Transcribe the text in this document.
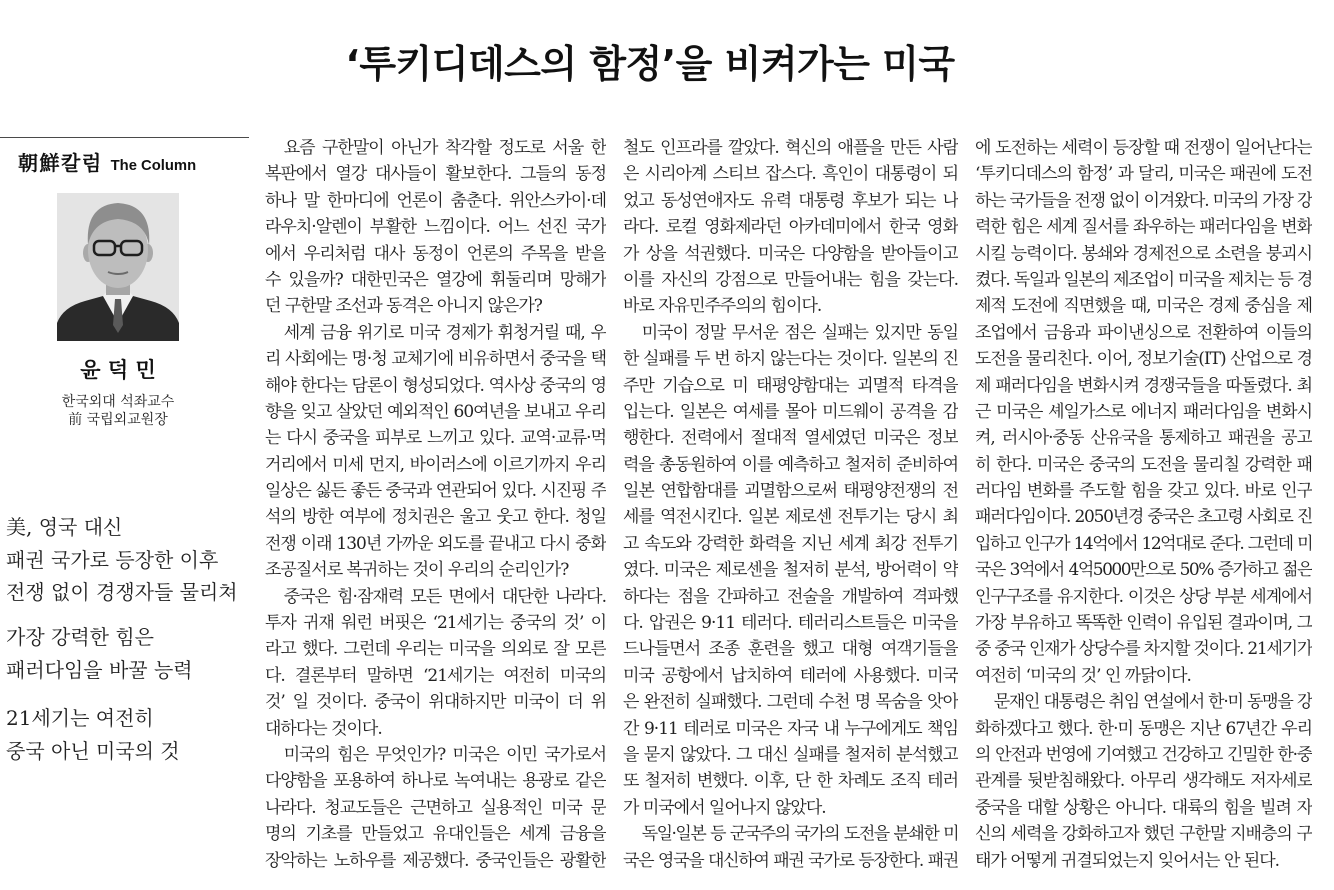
‘투키디데스의 함정’을 비켜가는 미국
朝鮮칼럼 The Column
윤 덕 민
한국외대 석좌교수
前 국립외교원장
美, 영국 대신
패권 국가로 등장한 이후
전쟁 없이 경쟁자들 물리쳐
가장 강력한 힘은
패러다임을 바꿀 능력
21세기는 여전히
중국 아닌 미국의 것
요즘 구한말이 아닌가 착각할 정도로 서울 한
복판에서 열강 대사들이 활보한다. 그들의 동정
하나 말 한마디에 언론이 춤춘다. 위안스카이·데
라우치·알렌이 부활한 느낌이다. 어느 선진 국가
에서 우리처럼 대사 동정이 언론의 주목을 받을
수 있을까? 대한민국은 열강에 휘둘리며 망해가
던 구한말 조선과 동격은 아니지 않은가?
세계 금융 위기로 미국 경제가 휘청거릴 때, 우
리 사회에는 명·청 교체기에 비유하면서 중국을 택
해야 한다는 담론이 형성되었다. 역사상 중국의 영
향을 잊고 살았던 예외적인 60여년을 보내고 우리
는 다시 중국을 피부로 느끼고 있다. 교역·교류·먹
거리에서 미세 먼지, 바이러스에 이르기까지 우리
일상은 싫든 좋든 중국과 연관되어 있다. 시진핑 주
석의 방한 여부에 정치권은 울고 웃고 한다. 청일
전쟁 이래 130년 가까운 외도를 끝내고 다시 중화
조공질서로 복귀하는 것이 우리의 순리인가?
중국은 힘·잠재력 모든 면에서 대단한 나라다.
투자 귀재 워런 버핏은 ‘21세기는 중국의 것’ 이
라고 했다. 그런데 우리는 미국을 의외로 잘 모른
다. 결론부터 말하면 ‘21세기는 여전히 미국의
것’ 일 것이다. 중국이 위대하지만 미국이 더 위
대하다는 것이다.
미국의 힘은 무엇인가? 미국은 이민 국가로서
다양함을 포용하여 하나로 녹여내는 용광로 같은
나라다. 청교도들은 근면하고 실용적인 미국 문
명의 기초를 만들었고 유대인들은 세계 금융을
장악하는 노하우를 제공했다. 중국인들은 광활한
철도 인프라를 깔았다. 혁신의 애플을 만든 사람
은 시리아계 스티브 잡스다. 흑인이 대통령이 되
었고 동성연애자도 유력 대통령 후보가 되는 나
라다. 로컬 영화제라던 아카데미에서 한국 영화
가 상을 석권했다. 미국은 다양함을 받아들이고
이를 자신의 강점으로 만들어내는 힘을 갖는다.
바로 자유민주주의의 힘이다.
미국이 정말 무서운 점은 실패는 있지만 동일
한 실패를 두 번 하지 않는다는 것이다. 일본의 진
주만 기습으로 미 태평양함대는 괴멸적 타격을
입는다. 일본은 여세를 몰아 미드웨이 공격을 감
행한다. 전력에서 절대적 열세였던 미국은 정보
력을 총동원하여 이를 예측하고 철저히 준비하여
일본 연합함대를 괴멸함으로써 태평양전쟁의 전
세를 역전시킨다. 일본 제로센 전투기는 당시 최
고 속도와 강력한 화력을 지닌 세계 최강 전투기
였다. 미국은 제로센을 철저히 분석, 방어력이 약
하다는 점을 간파하고 전술을 개발하여 격파했
다. 압권은 9·11 테러다. 테러리스트들은 미국을
드나들면서 조종 훈련을 했고 대형 여객기들을
미국 공항에서 납치하여 테러에 사용했다. 미국
은 완전히 실패했다. 그런데 수천 명 목숨을 앗아
간 9·11 테러로 미국은 자국 내 누구에게도 책임
을 묻지 않았다. 그 대신 실패를 철저히 분석했고
또 철저히 변했다. 이후, 단 한 차례도 조직 테러
가 미국에서 일어나지 않았다.
독일·일본 등 군국주의 국가의 도전을 분쇄한 미
국은 영국을 대신하여 패권 국가로 등장한다. 패권
에 도전하는 세력이 등장할 때 전쟁이 일어난다는
‘투키디데스의 함정’ 과 달리, 미국은 패권에 도전
하는 국가들을 전쟁 없이 이겨왔다. 미국의 가장 강
력한 힘은 세계 질서를 좌우하는 패러다임을 변화
시킬 능력이다. 봉쇄와 경제전으로 소련을 붕괴시
켰다. 독일과 일본의 제조업이 미국을 제치는 등 경
제적 도전에 직면했을 때, 미국은 경제 중심을 제
조업에서 금융과 파이낸싱으로 전환하여 이들의
도전을 물리친다. 이어, 정보기술(IT) 산업으로 경
제 패러다임을 변화시켜 경쟁국들을 따돌렸다. 최
근 미국은 셰일가스로 에너지 패러다임을 변화시
켜, 러시아·중동 산유국을 통제하고 패권을 공고
히 한다. 미국은 중국의 도전을 물리칠 강력한 패
러다임 변화를 주도할 힘을 갖고 있다. 바로 인구
패러다임이다. 2050년경 중국은 초고령 사회로 진
입하고 인구가 14억에서 12억대로 준다. 그런데 미
국은 3억에서 4억5000만으로 50% 증가하고 젊은
인구구조를 유지한다. 이것은 상당 부분 세계에서
가장 부유하고 똑똑한 인력이 유입된 결과이며, 그
중 중국 인재가 상당수를 차지할 것이다. 21세기가
여전히 ‘미국의 것’ 인 까닭이다.
문재인 대통령은 취임 연설에서 한·미 동맹을 강
화하겠다고 했다. 한·미 동맹은 지난 67년간 우리
의 안전과 번영에 기여했고 건강하고 긴밀한 한·중
관계를 뒷받침해왔다. 아무리 생각해도 저자세로
중국을 대할 상황은 아니다. 대륙의 힘을 빌려 자
신의 세력을 강화하고자 했던 구한말 지배층의 구
태가 어떻게 귀결되었는지 잊어서는 안 된다.
